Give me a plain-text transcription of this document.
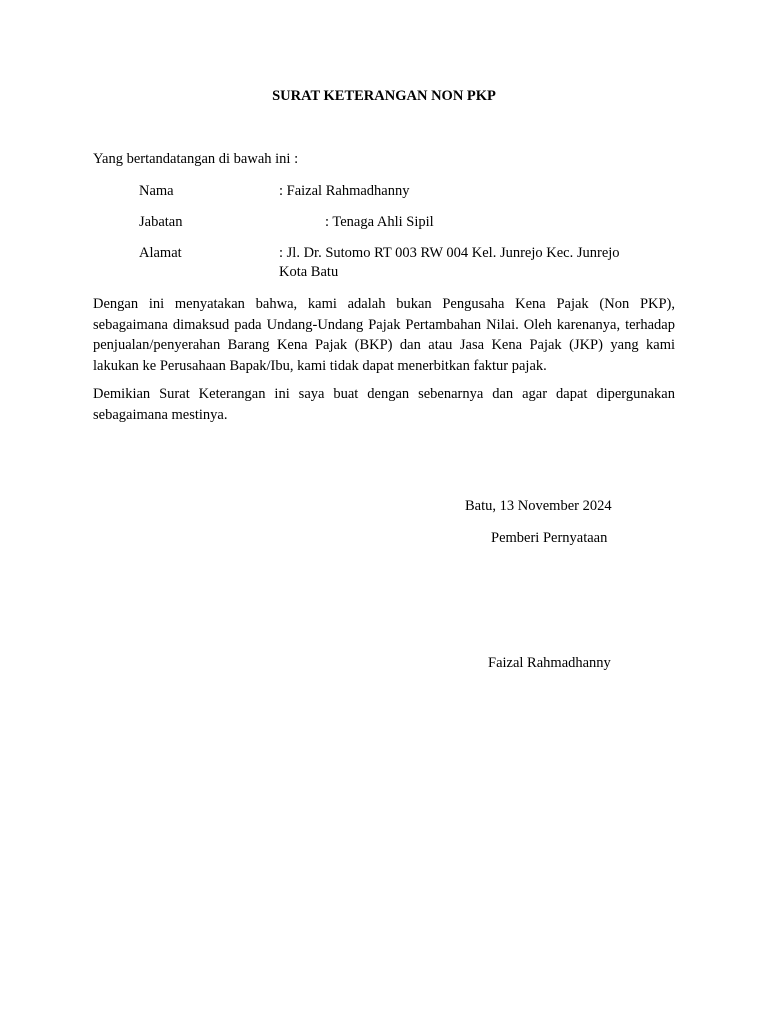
SURAT KETERANGAN NON PKP
Yang bertandatangan di bawah ini :
Nama	: Faizal Rahmadhanny
Jabatan	: Tenaga Ahli Sipil
Alamat	: Jl. Dr. Sutomo RT 003 RW 004 Kel. Junrejo Kec. Junrejo
Kota Batu
Dengan ini menyatakan bahwa, kami adalah bukan Pengusaha Kena Pajak (Non PKP), sebagaimana dimaksud pada Undang-Undang Pajak Pertambahan Nilai. Oleh karenanya, terhadap penjualan/penyerahan Barang Kena Pajak (BKP) dan atau Jasa Kena Pajak (JKP) yang kami lakukan ke Perusahaan Bapak/Ibu, kami tidak dapat menerbitkan faktur pajak.
Demikian Surat Keterangan ini saya buat dengan sebenarnya dan agar dapat dipergunakan sebagaimana mestinya.
Batu, 13 November 2024
Pemberi Pernyataan
Faizal Rahmadhanny
